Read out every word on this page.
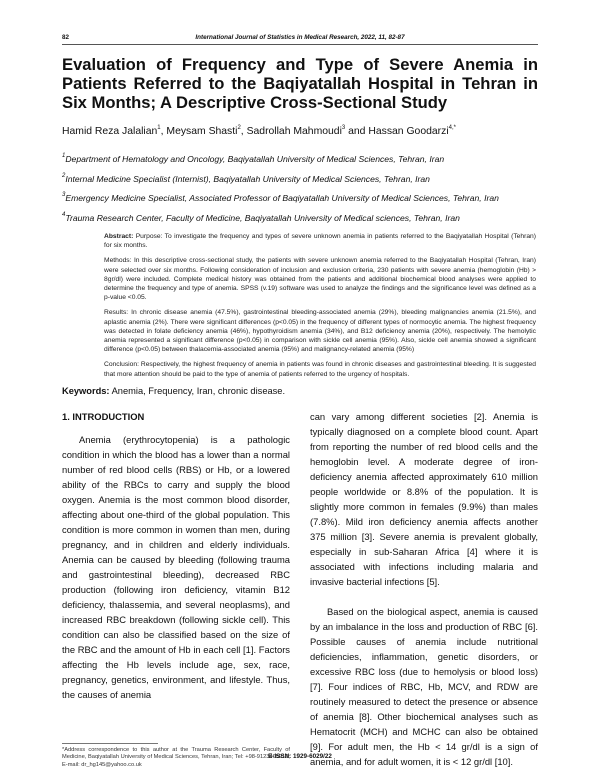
82	International Journal of Statistics in Medical Research, 2022, 11, 82-87
Evaluation of Frequency and Type of Severe Anemia in Patients Referred to the Baqiyatallah Hospital in Tehran in Six Months; A Descriptive Cross-Sectional Study
Hamid Reza Jalalian$^1$, Meysam Shasti$^2$, Sadrollah Mahmoudi$^3$ and Hassan Goodarzi$^{4,*}$
$^1$Department of Hematology and Oncology, Baqiyatallah University of Medical Sciences, Tehran, Iran
$^2$Internal Medicine Specialist (Internist), Baqiyatallah University of Medical Sciences, Tehran, Iran
$^3$Emergency Medicine Specialist, Associated Professor of Baqiyatallah University of Medical Sciences, Tehran, Iran
$^4$Trauma Research Center, Faculty of Medicine, Baqiyatallah University of Medical sciences, Tehran, Iran

Abstract: Purpose: To investigate the frequency and types of severe unknown anemia in patients referred to the Baqiyatallah Hospital (Tehran) for six months.

Methods: In this descriptive cross-sectional study, the patients with severe unknown anemia referred to the Baqiyatallah Hospital (Tehran, Iran) were selected over six months. Following consideration of inclusion and exclusion criteria, 230 patients with severe anemia (hemoglobin (Hb) > 8gr/dl) were included. Complete medical history was obtained from the patients and additional biochemical blood analyses were applied to determine the frequency and type of anemia. SPSS (v.19) software was used to analyze the findings and the significance level was defined as a p-value <0.05.

Results: In chronic disease anemia (47.5%), gastrointestinal bleeding-associated anemia (29%), bleeding malignancies anemia (21.5%), and aplastic anemia (2%). There were significant differences (p<0.05) in the frequency of different types of normocytic anemia. The highest frequency was detected in folate deficiency anemia (46%), hypothyroidism anemia (34%), and B12 deficiency anemia (20%), respectively. The hemolytic anemia represented a significant difference (p<0.05) in comparison with sickle cell anemia (95%). Also, sickle cell anemia showed a significant difference (p<0.05) between thalacemia-associated anemia (95%) and malignancy-related anemia (95%)

Conclusion: Respectively, the highest frequency of anemia in patients was found in chronic diseases and gastrointestinal bleeding. It is suggested that more attention should be paid to the type of anemia of patients referred to the urgency of hospitals.

Keywords: Anemia, Frequency, Iran, chronic disease.
1. INTRODUCTION

Anemia (erythrocytopenia) is a pathologic condition in which the blood has a lower than a normal number of red blood cells (RBS) or Hb, or a lowered ability of the RBCs to carry and supply the blood oxygen. Anemia is the most common blood disorder, affecting about one-third of the global population. This condition is more common in women than men, during pregnancy, and in children and elderly individuals. Anemia can be caused by bleeding (following trauma and gastrointestinal bleeding), decreased RBC production (following iron deficiency, vitamin B12 deficiency, thalassemia, and several neoplasms), and increased RBC breakdown (following sickle cell). This condition can also be classified based on the size of the RBC and the amount of Hb in each cell [1]. Factors affecting the Hb levels include age, sex, race, pregnancy, genetics, environment, and lifestyle. Thus, the causes of anemia

*Address correspondence to this author at the Trauma Research Center, Faculty of Medicine, Baqiyatallah University of Medical Sciences, Tehran, Iran; Tel: +98-9123405912; E-mail: dr_hg145@yahoo.co.uk

can vary among different societies [2]. Anemia is typically diagnosed on a complete blood count. Apart from reporting the number of red blood cells and the hemoglobin level. A moderate degree of iron-deficiency anemia affected approximately 610 million people worldwide or 8.8% of the population. It is slightly more common in females (9.9%) than males (7.8%). Mild iron deficiency anemia affects another 375 million [3]. Severe anemia is prevalent globally, especially in sub-Saharan Africa [4] where it is associated with infections including malaria and invasive bacterial infections [5].

Based on the biological aspect, anemia is caused by an imbalance in the loss and production of RBC [6]. Possible causes of anemia include nutritional deficiencies, inflammation, genetic disorders, or excessive RBC loss (due to hemolysis or blood loss) [7]. Four indices of RBC, Hb, MCV, and RDW are routinely measured to detect the presence or absence of anemia [8]. Other biochemical analyses such as Hematocrit (MCH) and MCHC can also be obtained [9]. For adult men, the Hb < 14 gr/dl is a sign of anemia, and for adult women, it is < 12 gr/dl [10].

E-ISSN: 1929-6029/22
